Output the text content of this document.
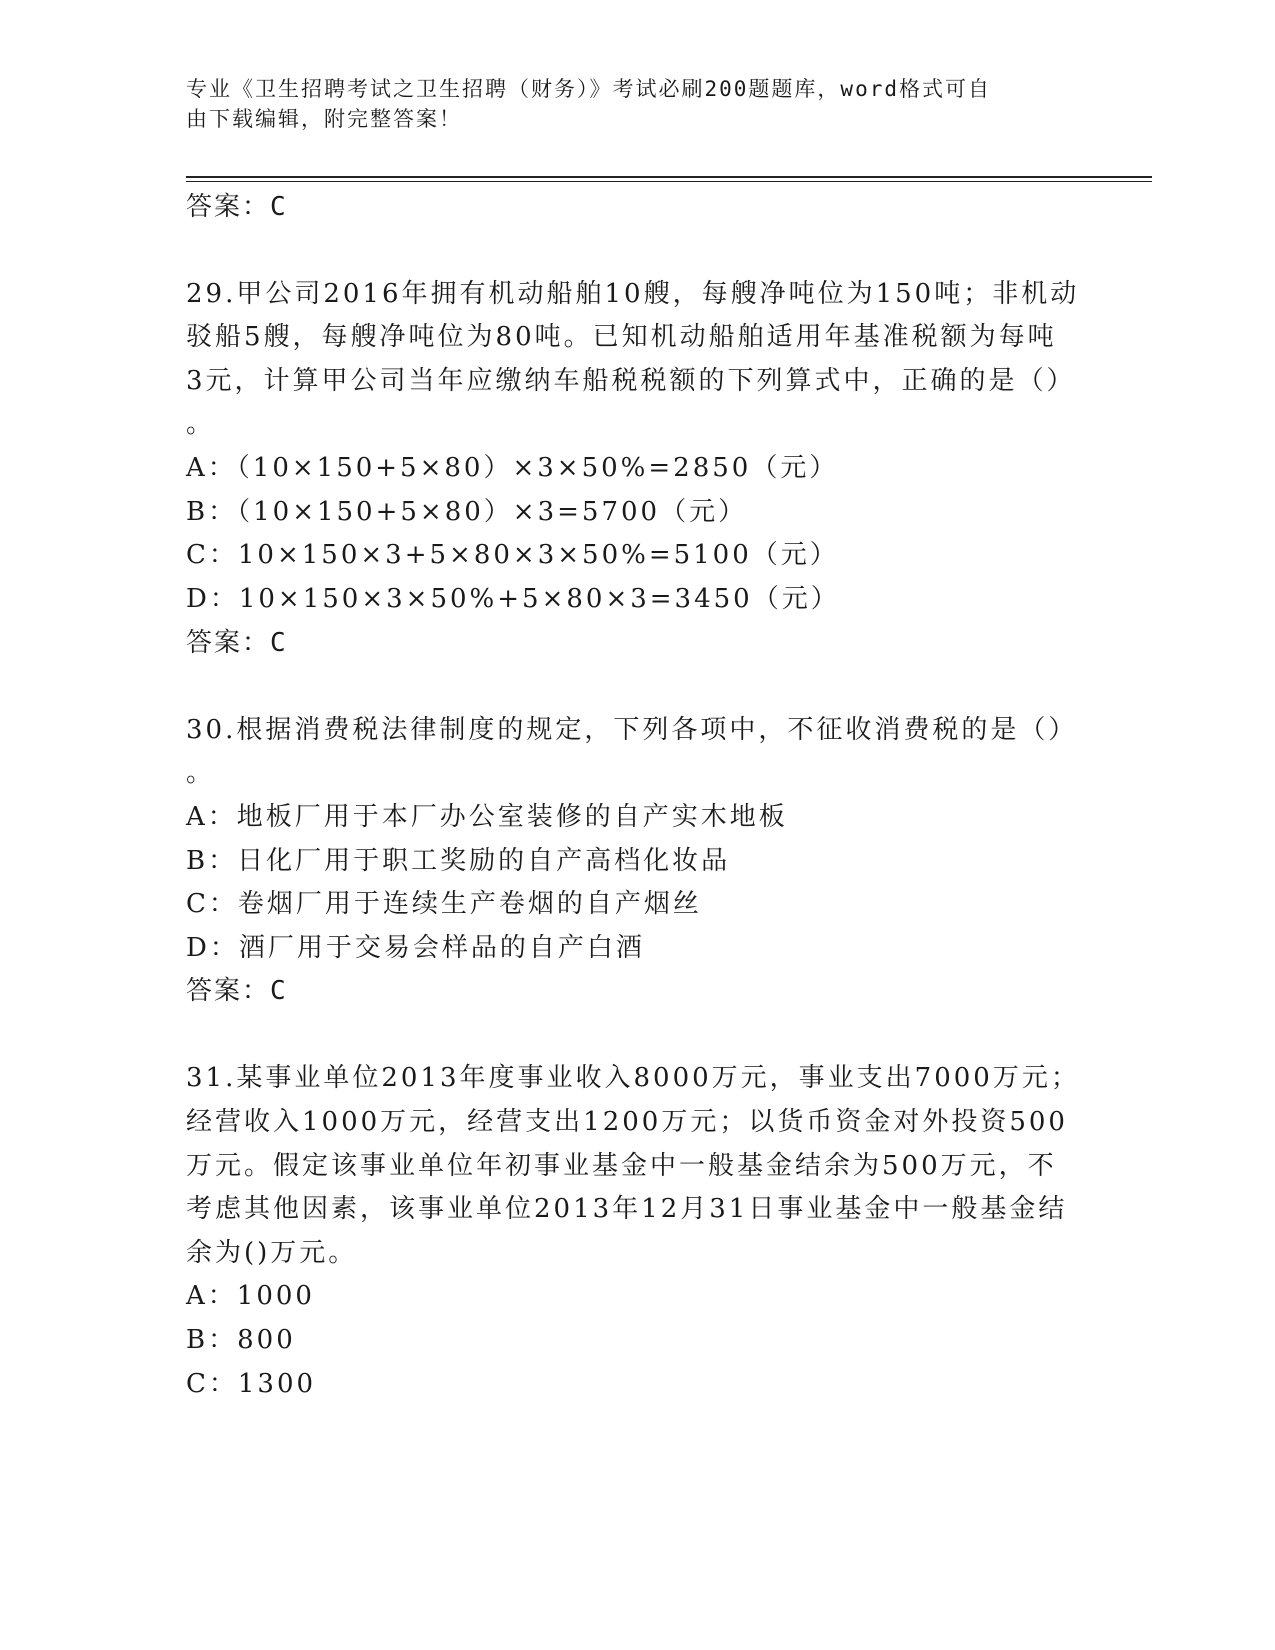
专业《卫生招聘考试之卫生招聘（财务）》考试必刷200题题库，word格式可自
由下载编辑，附完整答案！
答案：C
29.甲公司2016年拥有机动船舶10艘，每艘净吨位为150吨；非机动
驳船5艘，每艘净吨位为80吨。已知机动船舶适用年基准税额为每吨
3元，计算甲公司当年应缴纳车船税税额的下列算式中，正确的是（）
。
A：（10×150+5×80）×3×50%=2850（元）
B：（10×150+5×80）×3=5700（元）
C：10×150×3+5×80×3×50%=5100（元）
D：10×150×3×50%+5×80×3=3450（元）
答案：C
30.根据消费税法律制度的规定，下列各项中，不征收消费税的是（）
。
A：地板厂用于本厂办公室装修的自产实木地板
B：日化厂用于职工奖励的自产高档化妆品
C：卷烟厂用于连续生产卷烟的自产烟丝
D：酒厂用于交易会样品的自产白酒
答案：C
31.某事业单位2013年度事业收入8000万元，事业支出7000万元；
经营收入1000万元，经营支出1200万元；以货币资金对外投资500
万元。假定该事业单位年初事业基金中一般基金结余为500万元，不
考虑其他因素，该事业单位2013年12月31日事业基金中一般基金结
余为()万元。
A：1000
B：800
C：1300
